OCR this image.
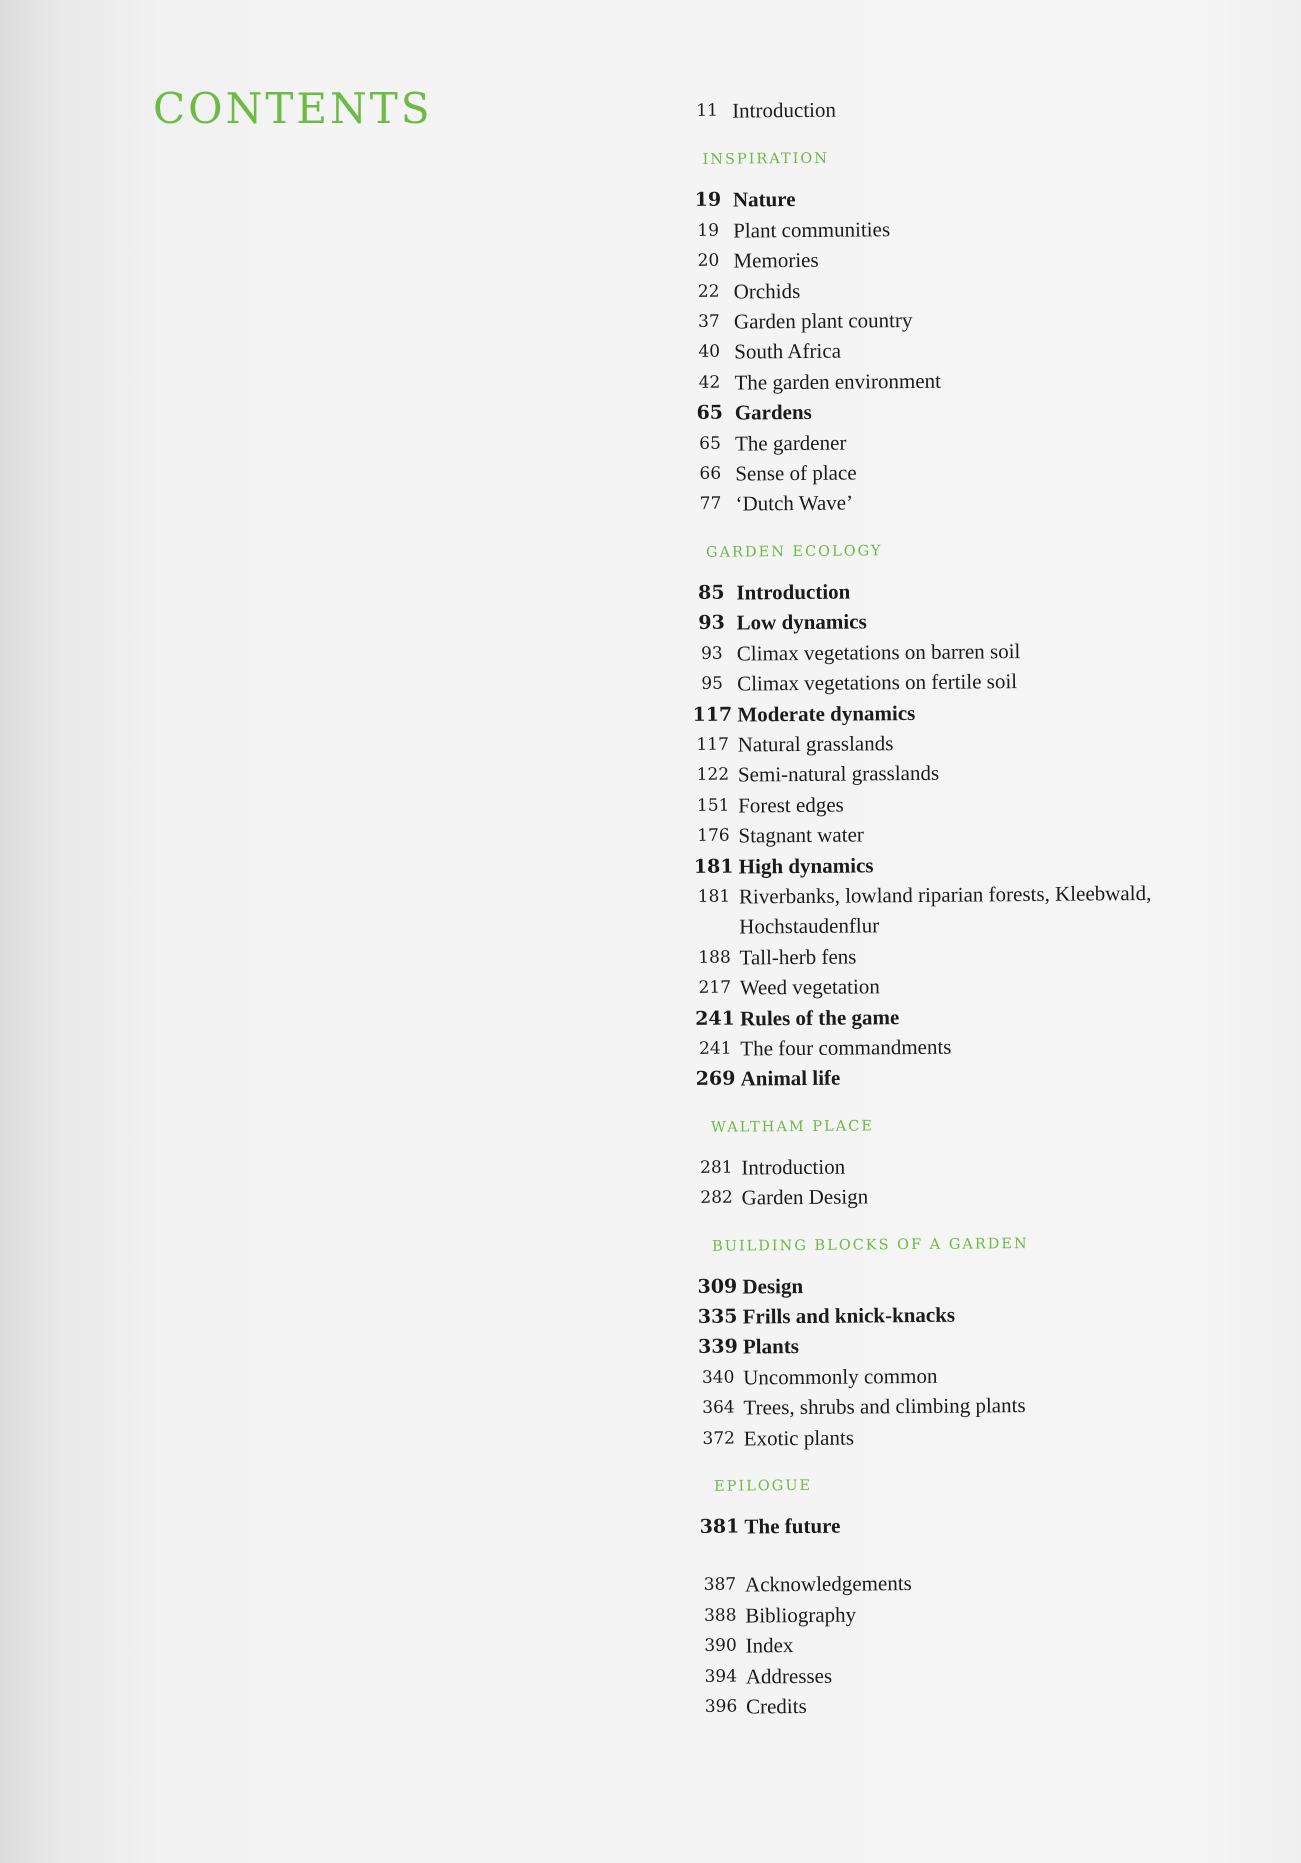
CONTENTS	11 Introduction
INSPIRATION
19 Nature
19 Plant communities
20 Memories
22 Orchids
37 Garden plant country
40 South Africa
42 The garden environment
65 Gardens
65 The gardener
66 Sense of place
77 ‘Dutch Wave’
GARDEN ECOLOGY
85 Introduction
93 Low dynamics
93 Climax vegetations on barren soil
95 Climax vegetations on fertile soil
117 Moderate dynamics
117 Natural grasslands
122 Semi-natural grasslands
151 Forest edges
176 Stagnant water
181 High dynamics
181 Riverbanks, lowland riparian forests, Kleebwald, Hochstaudenflur
188 Tall-herb fens
217 Weed vegetation
241 Rules of the game
241 The four commandments
269 Animal life
WALTHAM PLACE
281 Introduction
282 Garden Design
BUILDING BLOCKS OF A GARDEN
309 Design
335 Frills and knick-knacks
339 Plants
340 Uncommonly common
364 Trees, shrubs and climbing plants
372 Exotic plants
EPILOGUE
381 The future
387 Acknowledgements
388 Bibliography
390 Index
394 Addresses
396 Credits
